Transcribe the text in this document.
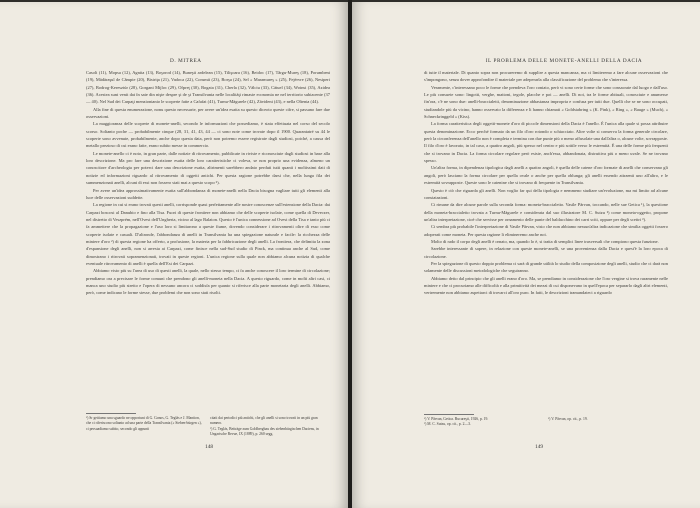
D. MITREA

Casoli (11), Mopsa (12), Agnita (13), Boşorod (14), Buneşti ardelean (15), Tilişoara (16), Beidoc (17), Târgu-Mureş (18), Porumbeni (19), Mădăraşul de Câmpie (20), Bistriţa (21), Vadoca (22), Corumii (23), Borşa (24), Sel « Maramureş » (25), Fejérvre (26), Nesiperi (27), Bodrog-Keresztúr (28), Gorgani Mijloc (29), Ofpreţ (30), Bogata (31), Cherla (32), Vălciu (33), Cătuel (34), Woinsi (35), Azidea (36). Acestea sunt venit dat în sate din nişte despre şi de şt Transilvania nelle localităţi rimaste economia ne nel territorio subiacente (37 — 40). Nel Sud dei Carpaţi menzionianio le scoperte fatte a Cafafat (41), Turnu-Măgurele (42), Zăvideni (43), e nella Oltenia (44).

Alla fine di questa enumerazione, nonu questo necessarie, per avere un'idea esatta su questo diceoto queste cifre, si passano fare due osservazioni.

La maggioranza delle scoperte di monete-anelli, secondo le informazioni che possediamo, è stata effettuata nel corso del secolo scorso. Soltanto poche — probabilmente cinque (28, 31, 41, 43, 44 — ci sono note come trovate dopo il 1900. Quarantatré su 44 le scoperte sono avvenute, probabilmente, anche dopo questa data, però non potremo essere registrate dagli studiosi, poiché, a causa del metallo prezioso di cui erano fatte, erano subito messe in commercio.

Le monete-anello ci è noto, in gran parte, dalle notizie di ritrovamento, pubblicate in riviste e riconosciute dagli studiosi in base alla loro descrizione. Ma pro fare una descrizione esatta delle loro caratteristiche ci voleva, se non proprio una evidenza, almeno un conoscitore d'archeologia per poterci dare una descrizione esatta, altrimenti sarebbero andato perduti tutti quanti i moltissimi dati di notizie ed informazioni riguardo al ritrovamento di oggetti antichi. Per questa ragione potrebbe darsi che, nella lunga fila dei summenzionati anelli, alcuni di essi non fossero stati mai a questo scopo ³).

Per avere un'idea approssimativamente esatta sull'abbondanza di monete-anelli nella Dacia bisogna vagliare tutti gli elementi alla luce delle osservazioni suddette.

La regione in cui si erano trovati questi anelli, corrisponde quasi perfettamente alle nostre conoscenze sull'estensione della Dacia: dai Carpazi boscosi al Danubio e fino alla Tisa. Fuori di queste frontiere non abbiamo che delle scoperte isolate, come quella di Deveczer, nel distretto di Veszprém, nell'Ovest dell'Ungheria, vicino al lago Balaton. Questo è l'unica connessione ad Ovest della Tisa e tanto più ci fa ammettere che la propagazione e l'uso loro si limitarono a queste fiume, dovendo considerare i ritrovamenti oltre di esso come scoperte isolate e casuali. D'altronde, l'abbondanza di anelli in Transilvania ha una spiegazione naturale e facile: la ricchezza delle miniere d'oro ²) di questa regione ha offerto, a profusione, la materia per la fabbricazione degli anelli. La frontiera, che delimita la zona d'espansione degli anelli, non si arresta ai Carpazi, come finisce nella sud-Sud studio di Pinck, ma continua anche al Sud, come dimostrano i ritrovati sopramenzionati, trovati in queste regioni. L'unica regione sulla quale non abbiamo alcuna notizia di qualche eventuale ritrovamento di anelli è quella dell'Est dei Carpazi.

Abbiamo visto più su l'area di uso di questi anelli, la quale, nello stesso tempo, ci fa anche conoscere il loro termine di circolazione; prendiamo ora a precisare le forme comuni che prendono gli anelli-moneta nella Dacia. A questo riguardo, come in molti altri casi, ci manca uno studio più stretto e l'opera di nessuno ancora ci soddisfa per quanto si riferisce alla parte monetaria degli anelli. Abbiamo, però, come indicano le forme stesse, due problemi che non sono stati risolti.

¹) Sr gettiamo una sguardo ne opportuni di G. Gonos, G. Teglás e J. Mantion, che ci riferiscono soltanto ad una parte della Transilvania (« Sieben-bürgen »), ci persuadiamo subito, secondo gli appunti
citati dai periodici più antichi, che gli anelli si sono trovati in un più gran numero.
²) G. Teglás, Beiträge zum Goldbergbau des siebenbürgischen Daciens, in Ungarische Revue, IX (1889), p. 260 segg.
148
IL PROBLEMA DELLE MONETE-ANELLI DELLA DACIA

di tutte il materiale. Di quanto sopra non procureremo di supplire a questa mancanza, ma ci limiteremo a fare alcune osservazioni che s'impongono, senza dover approfondire il materiale per adeperarla alla classificazione del problema che s'interessa.

Veramente, c'interessano poco le forme che prendeva l'oro coniato, però vi sono certe forme che sono consacrate dal luogo e dall'uso. Le più consuete sono: lingotti, verghe, mattoni, tegole, placche e poi — anelli. Di noi, tra le forme abituali, conosciute e anumesse fin'ora, c'è ne sono due: anelli-braccialetti, denominazione abbastanza impropria e confusa per tutti due. Quelli che se ne sono occupati, studiandole più da vicino, hanno osservato la differenza e li hanno chiamati « Goldstabring » (K. Pink), « Ring », « Bauge » (Much), « Schneckringgeld » (Kiss).

La forma caratteristica degli oggetti-monete d'oro di piccole dimensioni della Dacia è l'anello. È l'unica alla quale si possa attribuire questa denominazione. Ecco perché formato da un filo d'oro rotondo o schiacciato. Altre volte si conserva la forma generale circolare, però la circonferenza dell'anello non è completa e termina con due punte più o meno affusolate una dall'altra o, alcune volte, sovrapposte. Il filo d'oro è lavorato, in tal caso, a quattro angoli, più spesso nel centro e più sottile verso le estremità. È una delle forme più frequenti che si trovano in Dacia. La forma circolare regolare però esiste, anch'essa, abbandonata, distruttiva più o meno uvale. Se ne trovano spesso.

Un'altra forma, in dipendenza tipologica dagli anelli a quattro angoli, è quella delle catene d'oro formate di anelli che conservano gli angoli, però lasciano la forma circolare per quella ovale o anche per quella oblunga; gli anelli essendo attraenti uno all'altro, e le estremità sovrapposte. Queste sono le catenine che si trovano di frequente in Transilvania.

Questo è ciò che riguarda gli anelli. Non voglio far qui della tipologia e nemmeno studiare un'evoluzione, ma mi limito ad alcune constatazioni.

Ci rimane da dire alcune parole sulla seconda forma: moneta-braccialetto. Vasile Pârvan, toccando, nelle sue Getica ¹), la questione della moneta-braccialetto trovata a Turnu-Măgurele e considerata dal suo illustratore M. C. Sutzu ²) come moneta-oggetto, propone un'altra interpretazione, cioè che servisse per ornamento delle punte del baldacchino dei carri sciti, oppure per degli scettri ³).

Ci sembra più probabile l'interpretazione di Vasile Pârvan, visto che non abbiamo nessun'altra indicazione che similia oggetti fossero adoperati come moneta. Per questa ragione li elimineremo anche noi.

Molto di rado il corpo degli anelli è ornato, ma, quando lo è, si tratta di semplici linee trasversali che compiono questa funzione.

Sarebbe interessante di sapere, in relazione con queste monete-anelli, se una provenienza dalla Dacia e quest'è la loro epoca di circolazione.

Per la spiegazione di questo doppio problema ci sarà di grande utilità lo studio della composizione degli anelli, studio che ci darà non solamente delle discussioni metodologiche che seguiranno.

Abbiamo detto dal principio che gli anelli erano d'oro. Ma, se prendiamo in considerazione che l'oro vergine si trova raramente nelle miniere e che ci procuriamo alle difficoltà e alla primitività dei mezzi di cui disponevano in quell'epoca per separarlo dagli altri elementi, vertremente non abbiamo aspettarci di trovarci all'oro puro. In fatti, le descrizioni tramandateci a riguardo

¹) V. Pârvan, Getica. Bucureşti, 1926, p. 19.
²) M. C. Sutzu, op. cit., p. 2—3.
³) V. Pârvan, op. cit., p. 19.
149
